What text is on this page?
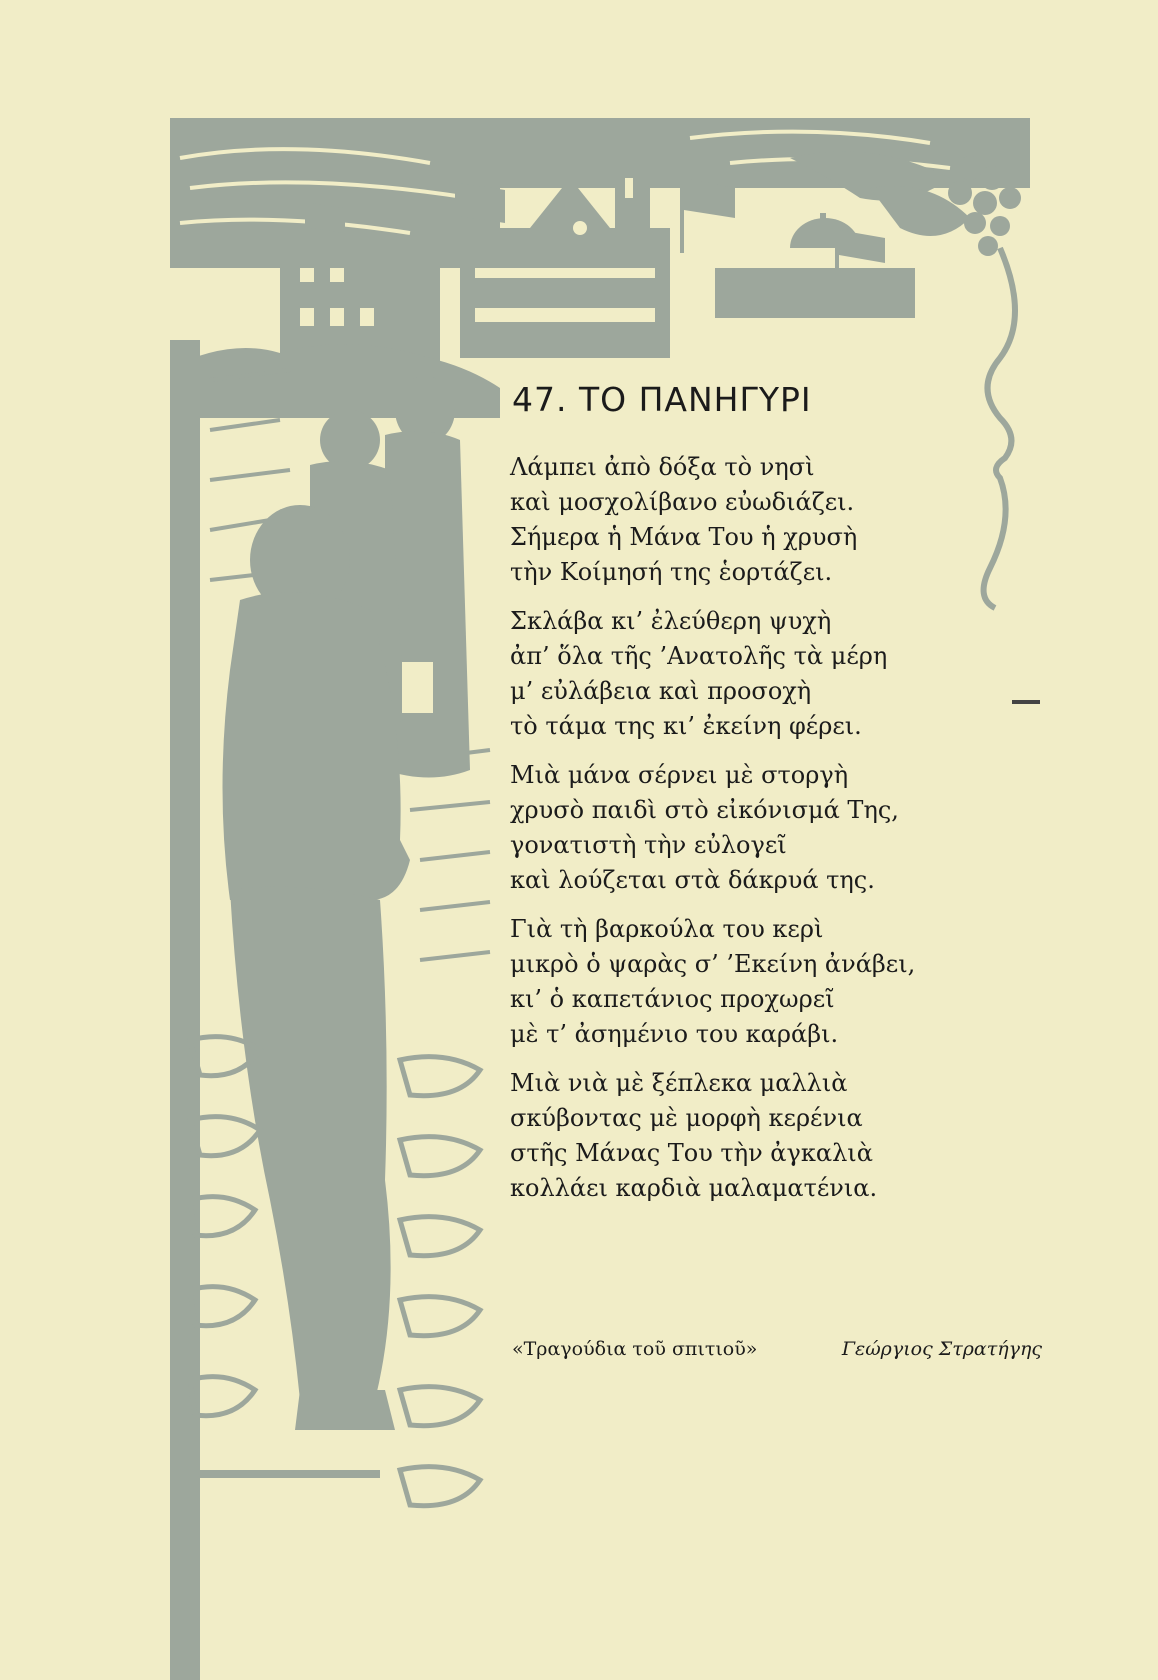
47. ΤΟ ΠΑΝΗΓΥΡΙ
Λάμπει ἀπὸ δόξα τὸ νησὶ
καὶ μοσχολίβανο εὐωδιάζει.
Σήμερα ἡ Μάνα Του ἡ χρυσὴ
τὴν Κοίμησή της ἑορτάζει.
Σκλάβα κι’ ἐλεύθερη ψυχὴ
ἀπ’ ὅλα τῆς ’Ανατολῆς τὰ μέρη
μ’ εὐλάβεια καὶ προσοχὴ
τὸ τάμα της κι’ ἐκείνη φέρει.
Μιὰ μάνα σέρνει μὲ στοργὴ
χρυσὸ παιδὶ στὸ εἰκόνισμά Της,
γονατιστὴ τὴν εὐλογεῖ
καὶ λούζεται στὰ δάκρυά της.
Γιὰ τὴ βαρκούλα του κερὶ
μικρὸ ὁ ψαρὰς σ’ ’Εκείνη ἀνάβει,
κι’ ὁ καπετάνιος προχωρεῖ
μὲ τ’ ἀσημένιο του καράβι.
Μιὰ νιὰ μὲ ξέπλεκα μαλλιὰ
σκύβοντας μὲ μορφὴ κερένια
στῆς Μάνας Του τὴν ἀγκαλιὰ
κολλάει καρδιὰ μαλαματένια.
«Τραγούδια τοῦ σπιτιοῦ»	Γεώργιος Στρατήγης
